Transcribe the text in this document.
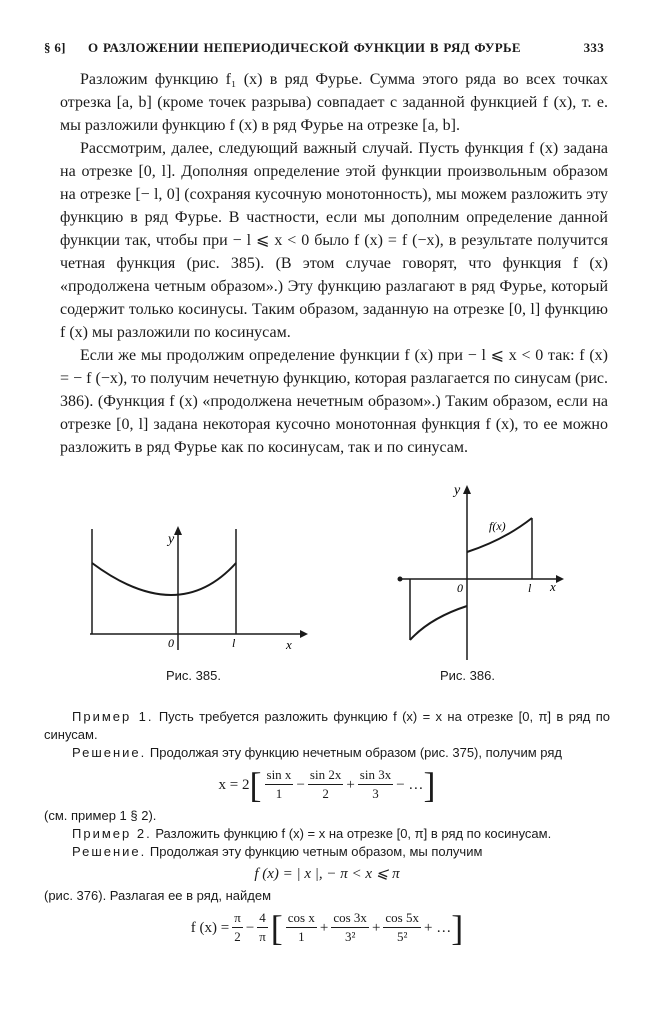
§ 6] О РАЗЛОЖЕНИИ НЕПЕРИОДИЧЕСКОЙ ФУНКЦИИ В РЯД ФУРЬЕ	333

Разложим функцию f₁ (x) в ряд Фурье. Сумма этого ряда во всех точках отрезка [a, b] (кроме точек разрыва) совпадает с заданной функцией f (x), т. е. мы разложили функцию f (x) в ряд Фурье на отрезке [a, b].

Рассмотрим, далее, следующий важный случай. Пусть функция f (x) задана на отрезке [0, l]. Дополняя определение этой функции произвольным образом на отрезке [− l, 0] (сохраняя кусочную монотонность), мы можем разложить эту функцию в ряд Фурье. В частности, если мы дополним определение данной функции так, чтобы при − l ⩽ x < 0 было f (x) = f (−x), в результате получится четная функция (рис. 385). (В этом случае говорят, что функция f (x) «продолжена четным образом».) Эту функцию разлагают в ряд Фурье, который содержит только косинусы. Таким образом, заданную на отрезке [0, l] функцию f (x) мы разложили по косинусам.

Если же мы продолжим определение функции f (x) при − l ⩽ x < 0 так: f (x) = − f (−x), то получим нечетную функцию, которая разлагается по синусам (рис. 386). (Функция f (x) «продолжена нечетным образом».) Таким образом, если на отрезке [0, l] задана некоторая кусочно монотонная функция f (x), то ее можно разложить в ряд Фурье как по косинусам, так и по синусам.

y
x
0	l
Рис. 385.
y
x
0	l
f(x)
Рис. 386.

Пример 1. Пусть требуется разложить функцию f (x) = x на отрезке [0, π] в ряд по синусам.

Решение. Продолжая эту функцию нечетным образом (рис. 375), получим ряд

x = 2 [ $\frac{\text{sin x}}{1} - \frac{\sin 2x}{2} + \frac{\sin 3x}{3}$ − … ]
(см. пример 1 § 2).

Пример 2. Разложить функцию f (x) = x на отрезке [0, π] в ряд по косинусам.

Решение. Продолжая эту функцию четным образом, мы получим

f (x) = | x |, − π < x ⩽ π
(рис. 376). Разлагая ее в ряд, найдем
f $(x) = \frac{\pi}{2} - \frac{4}{\pi}$ [ $\frac{\text{cos x}}{1} + \frac{\cos 3x}{\text{3²}} + \frac{\cos 5x}{\text{5²}}$ + … ]
